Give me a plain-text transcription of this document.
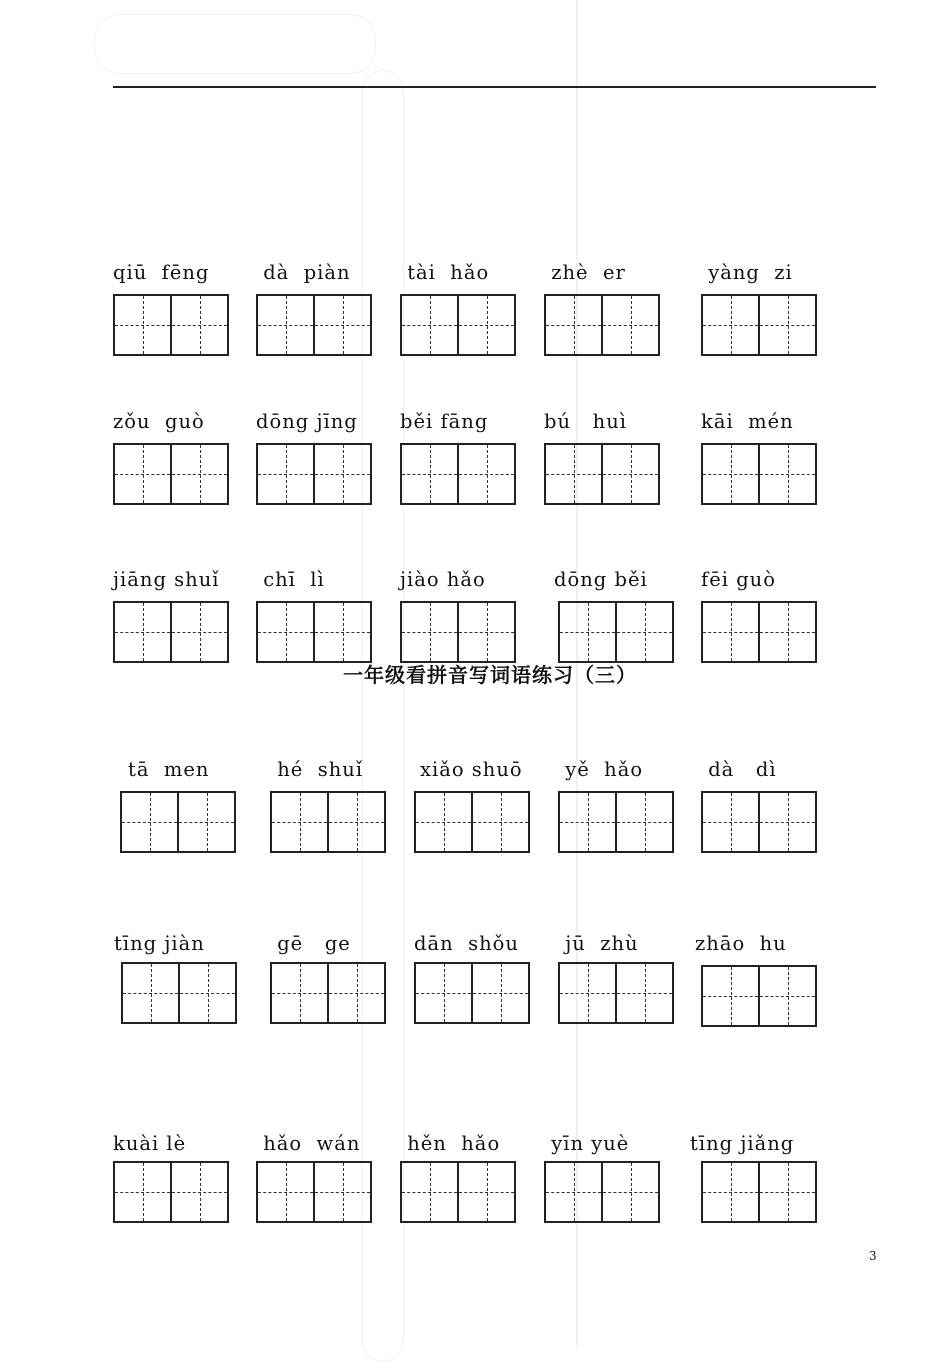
一年级看拼音写词语练习（三）
qiū  fēng	dà  piàn	tài  hǎo	zhè  er	yàng  zi
zǒu  guò	dōng jīng	běi fāng	bú   huì	kāi  mén
jiāng shuǐ	chī  lì	jiào hǎo	dōng běi	fēi guò
tā  men	hé  shuǐ	xiǎo shuō	yě  hǎo	dà   dì
tīng jiàn	gē   ge	dān  shǒu	jū  zhù	zhāo  hu
kuài lè	hǎo  wán	hěn  hǎo	yīn yuè	tīng jiǎng
3
